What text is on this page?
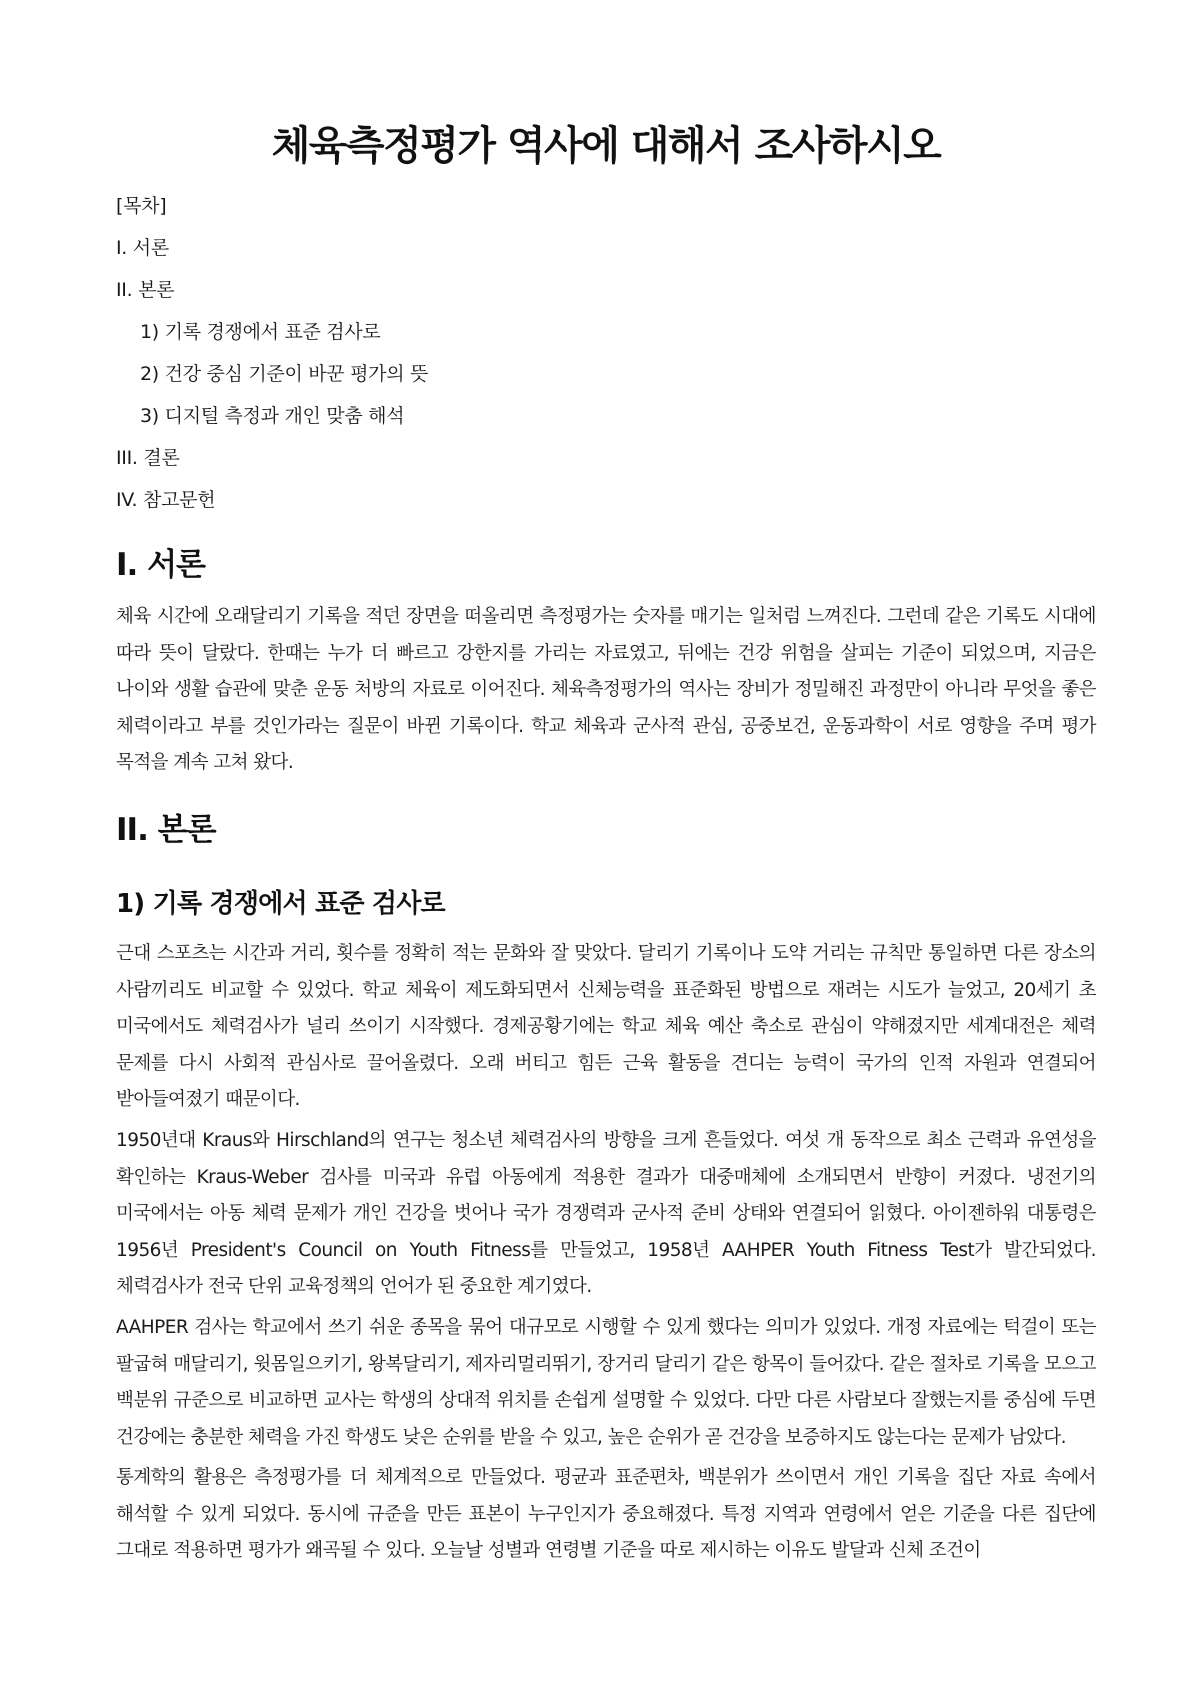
체육측정평가 역사에 대해서 조사하시오
[목차]
I. 서론
II. 본론
1) 기록 경쟁에서 표준 검사로
2) 건강 중심 기준이 바꾼 평가의 뜻
3) 디지털 측정과 개인 맞춤 해석
III. 결론
IV. 참고문헌
I. 서론

체육 시간에 오래달리기 기록을 적던 장면을 떠올리면 측정평가는 숫자를 매기는 일처럼 느껴진다. 그런데 같은 기록도 시대에 따라 뜻이 달랐다. 한때는 누가 더 빠르고 강한지를 가리는 자료였고, 뒤에는 건강 위험을 살피는 기준이 되었으며, 지금은 나이와 생활 습관에 맞춘 운동 처방의 자료로 이어진다. 체육측정평가의 역사는 장비가 정밀해진 과정만이 아니라 무엇을 좋은 체력이라고 부를 것인가라는 질문이 바뀐 기록이다. 학교 체육과 군사적 관심, 공중보건, 운동과학이 서로 영향을 주며 평가 목적을 계속 고쳐 왔다.

II. 본론
1) 기록 경쟁에서 표준 검사로

근대 스포츠는 시간과 거리, 횟수를 정확히 적는 문화와 잘 맞았다. 달리기 기록이나 도약 거리는 규칙만 통일하면 다른 장소의 사람끼리도 비교할 수 있었다. 학교 체육이 제도화되면서 신체능력을 표준화된 방법으로 재려는 시도가 늘었고, 20세기 초 미국에서도 체력검사가 널리 쓰이기 시작했다. 경제공황기에는 학교 체육 예산 축소로 관심이 약해졌지만 세계대전은 체력 문제를 다시 사회적 관심사로 끌어올렸다. 오래 버티고 힘든 근육 활동을 견디는 능력이 국가의 인적 자원과 연결되어 받아들여졌기 때문이다.

1950년대 Kraus와 Hirschland의 연구는 청소년 체력검사의 방향을 크게 흔들었다. 여섯 개 동작으로 최소 근력과 유연성을 확인하는 Kraus-Weber 검사를 미국과 유럽 아동에게 적용한 결과가 대중매체에 소개되면서 반향이 커졌다. 냉전기의 미국에서는 아동 체력 문제가 개인 건강을 벗어나 국가 경쟁력과 군사적 준비 상태와 연결되어 읽혔다. 아이젠하워 대통령은 1956년 President's Council on Youth Fitness를 만들었고, 1958년 AAHPER Youth Fitness Test가 발간되었다. 체력검사가 전국 단위 교육정책의 언어가 된 중요한 계기였다.

AAHPER 검사는 학교에서 쓰기 쉬운 종목을 묶어 대규모로 시행할 수 있게 했다는 의미가 있었다. 개정 자료에는 턱걸이 또는 팔굽혀 매달리기, 윗몸일으키기, 왕복달리기, 제자리멀리뛰기, 장거리 달리기 같은 항목이 들어갔다. 같은 절차로 기록을 모으고 백분위 규준으로 비교하면 교사는 학생의 상대적 위치를 손쉽게 설명할 수 있었다. 다만 다른 사람보다 잘했는지를 중심에 두면 건강에는 충분한 체력을 가진 학생도 낮은 순위를 받을 수 있고, 높은 순위가 곧 건강을 보증하지도 않는다는 문제가 남았다.

통계학의 활용은 측정평가를 더 체계적으로 만들었다. 평균과 표준편차, 백분위가 쓰이면서 개인 기록을 집단 자료 속에서 해석할 수 있게 되었다. 동시에 규준을 만든 표본이 누구인지가 중요해졌다. 특정 지역과 연령에서 얻은 기준을 다른 집단에 그대로 적용하면 평가가 왜곡될 수 있다. 오늘날 성별과 연령별 기준을 따로 제시하는 이유도 발달과 신체 조건이
